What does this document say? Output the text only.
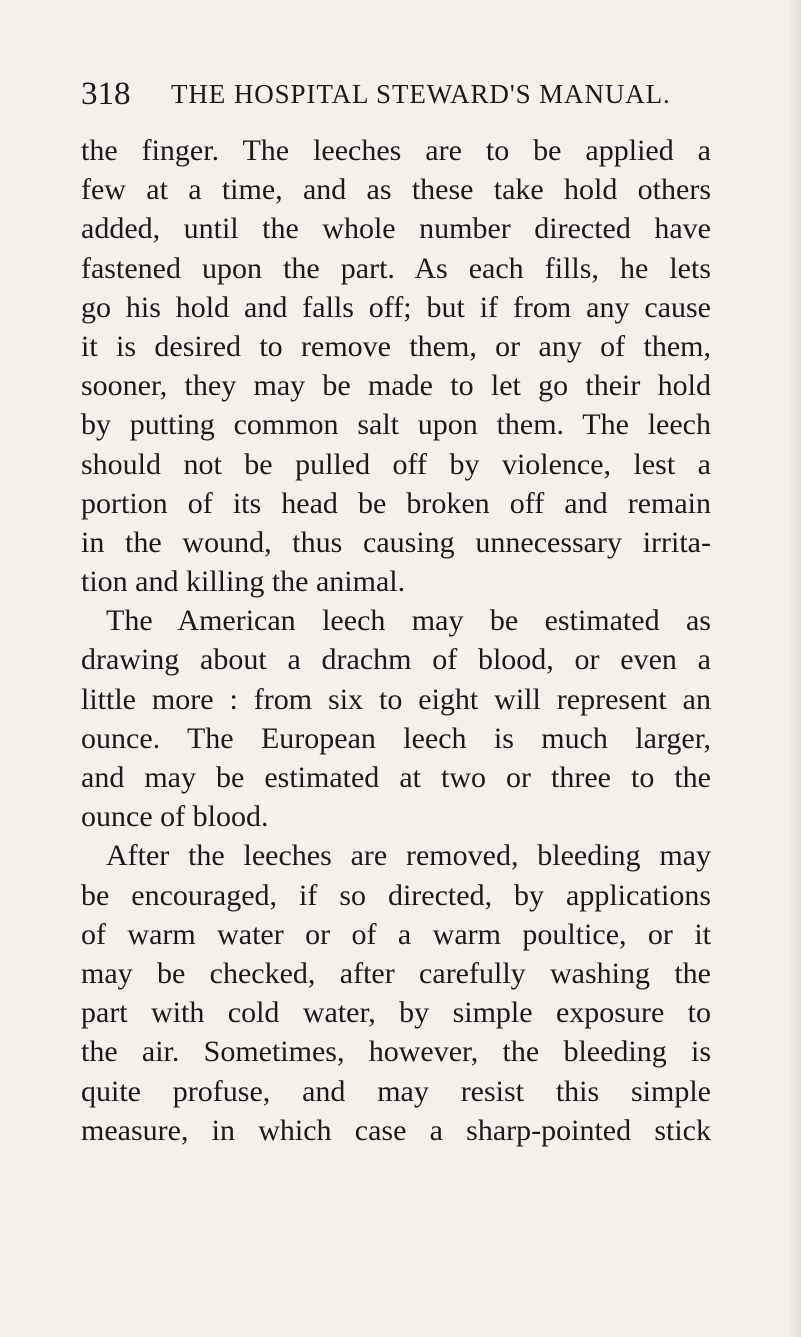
318 THE HOSPITAL STEWARD'S MANUAL.
the finger. The leeches are to be applied a
few at a time, and as these take hold others
added, until the whole number directed have
fastened upon the part. As each fills, he lets
go his hold and falls off; but if from any cause
it is desired to remove them, or any of them,
sooner, they may be made to let go their hold
by putting common salt upon them. The leech
should not be pulled off by violence, lest a
portion of its head be broken off and remain
in the wound, thus causing unnecessary irrita-
tion and killing the animal.
The American leech may be estimated as
drawing about a drachm of blood, or even a
little more : from six to eight will represent an
ounce. The European leech is much larger,
and may be estimated at two or three to the
ounce of blood.
After the leeches are removed, bleeding may
be encouraged, if so directed, by applications
of warm water or of a warm poultice, or it
may be checked, after carefully washing the
part with cold water, by simple exposure to
the air. Sometimes, however, the bleeding is
quite profuse, and may resist this simple
measure, in which case a sharp-pointed stick
